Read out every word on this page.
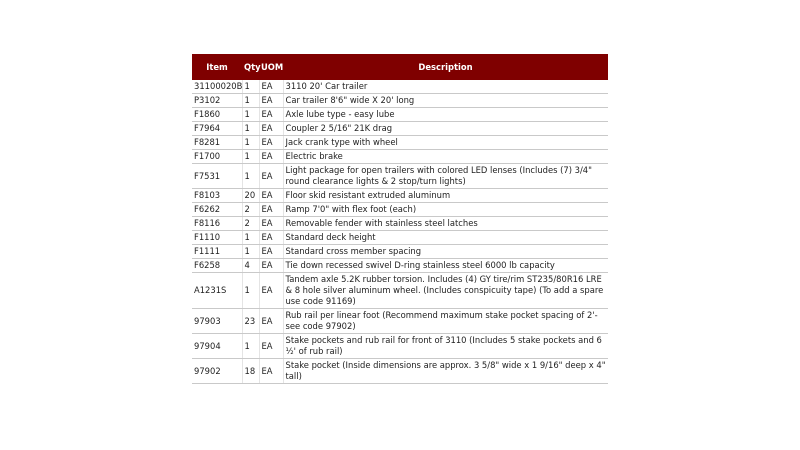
Item	Qty	UOM	Description
31100020B	1	EA	3110 20' Car trailer
P3102	1	EA	Car trailer 8'6" wide X 20' long
F1860	1	EA	Axle lube type - easy lube
F7964	1	EA	Coupler 2 5/16" 21K drag
F8281	1	EA	Jack crank type with wheel
F1700	1	EA	Electric brake
F7531	1	EA	Light package for open trailers with colored LED lenses (Includes (7) 3/4" round clearance lights & 2 stop/turn lights)
F8103	20	EA	Floor skid resistant extruded aluminum
F6262	2	EA	Ramp 7'0" with flex foot (each)
F8116	2	EA	Removable fender with stainless steel latches
F1110	1	EA	Standard deck height
F1111	1	EA	Standard cross member spacing
F6258	4	EA	Tie down recessed swivel D-ring stainless steel 6000 lb capacity
A1231S	1	EA	Tandem axle 5.2K rubber torsion. Includes (4) GY tire/rim ST235/80R16 LRE & 8 hole silver aluminum wheel. (Includes conspicuity tape) (To add a spare use code 91169)
97903	23	EA	Rub rail per linear foot (Recommend maximum stake pocket spacing of 2'-see code 97902)
97904	1	EA	Stake pockets and rub rail for front of 3110 (Includes 5 stake pockets and 6 ½' of rub rail)
97902	18	EA	Stake pocket (Inside dimensions are approx. 3 5/8" wide x 1 9/16" deep x 4" tall)
